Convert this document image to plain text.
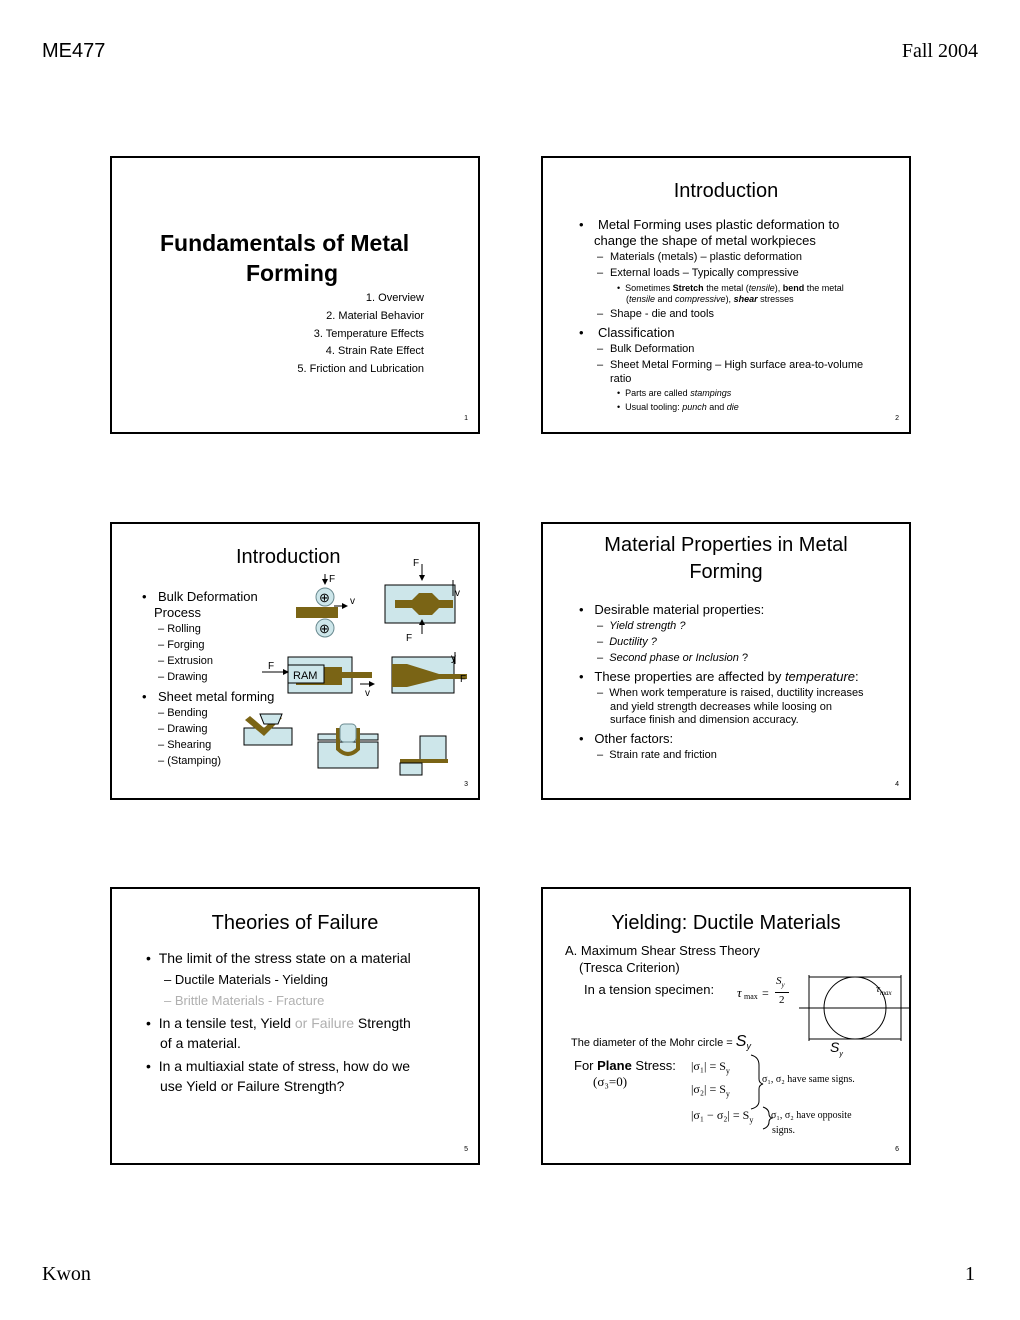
ME477	Fall 2004
Kwon	1
Fundamentals of Metal
Forming
1. Overview
2. Material Behavior
3. Temperature Effects
4. Strain Rate Effect
5. Friction and Lubrication
1
Introduction
• Metal Forming uses plastic deformation to
change the shape of metal workpieces
– Materials (metals) – plastic deformation
– External loads – Typically compressive
•  Sometimes Stretch the metal (tensile), bend the metal
(tensile and compressive), shear stresses
– Shape - die and tools
• Classification
– Bulk Deformation
– Sheet Metal Forming – High surface area-to-volume
ratio
•  Parts are called stampings
•  Usual tooling: punch and die
2
Introduction
• Bulk Deformation
Process
– Rolling
– Forging
– Extrusion
– Drawing
• Sheet metal forming
– Bending
– Drawing
– Shearing
– (Stamping)
⊕
⊕
v
F
F
v
F
RAM
F
v
y
F
3
Material Properties in Metal
Forming
•   Desirable material properties:
–  Yield strength ?
–  Ductility ?
–  Second phase or Inclusion ?
•   These properties are affected by temperature:
–  When work temperature is raised, ductility increases
and yield strength decreases while loosing on
surface finish and dimension accuracy.
•   Other factors:
–  Strain rate and friction
4
Theories of Failure
•  The limit of the stress state on a material
– Ductile Materials - Yielding
– Brittle Materials - Fracture
•  In a tensile test, Yield or Failure Strength
of a material.
•  In a multiaxial state of stress, how do we
use Yield or Failure Strength?
5
Yielding: Ductile Materials
A. Maximum Shear Stress Theory
(Tresca Criterion)
In a tension specimen: τ max =
$S_y$
2
$\tau_{max}$
The diameter of the Mohr circle = $S_y$	$S_y$
For Plane Stress:
(σ₃=0)
$|\sigma_1| = S_y$
$|\sigma_2| = S_y$
σ₁, σ₂ have same signs.
$|\sigma_1 - \sigma_2| = S_y$ σ₁, σ₂ have opposite
signs.
6
